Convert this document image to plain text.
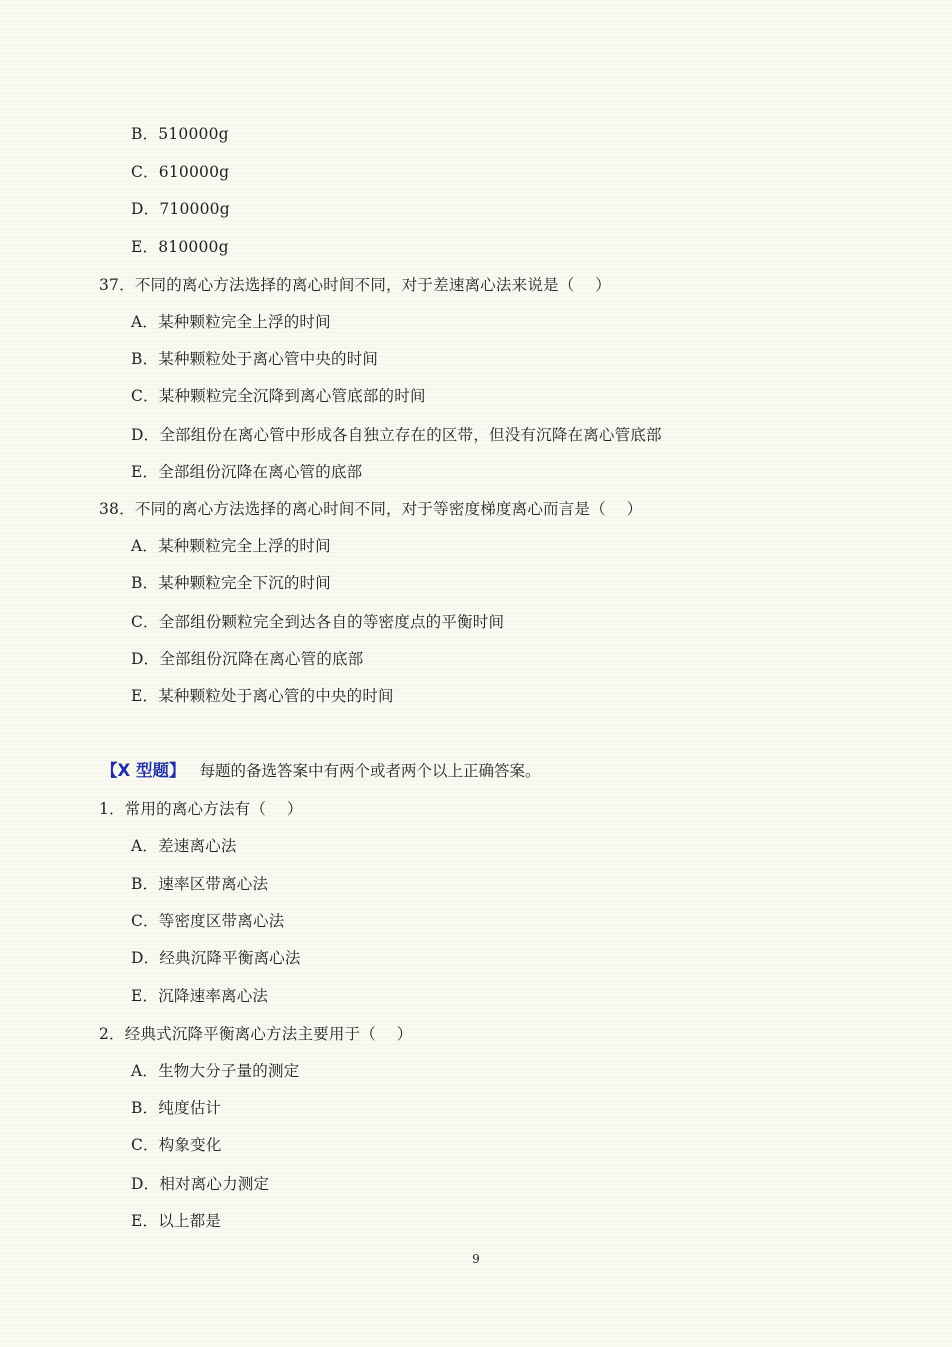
B．510000g
C．610000g
D．710000g
E．810000g
37．不同的离心方法选择的离心时间不同，对于差速离心法来说是（　 ）
A．某种颗粒完全上浮的时间
B．某种颗粒处于离心管中央的时间
C．某种颗粒完全沉降到离心管底部的时间
D．全部组份在离心管中形成各自独立存在的区带，但没有沉降在离心管底部
E．全部组份沉降在离心管的底部
38．不同的离心方法选择的离心时间不同，对于等密度梯度离心而言是（　 ）
A．某种颗粒完全上浮的时间
B．某种颗粒完全下沉的时间
C．全部组份颗粒完全到达各自的等密度点的平衡时间
D．全部组份沉降在离心管的底部
E．某种颗粒处于离心管的中央的时间
【X 型题】 每题的备选答案中有两个或者两个以上正确答案。
1．常用的离心方法有（　 ）
A．差速离心法
B．速率区带离心法
C．等密度区带离心法
D．经典沉降平衡离心法
E．沉降速率离心法
2．经典式沉降平衡离心方法主要用于（　 ）
A．生物大分子量的测定
B．纯度估计
C．构象变化
D．相对离心力测定
E．以上都是
9
